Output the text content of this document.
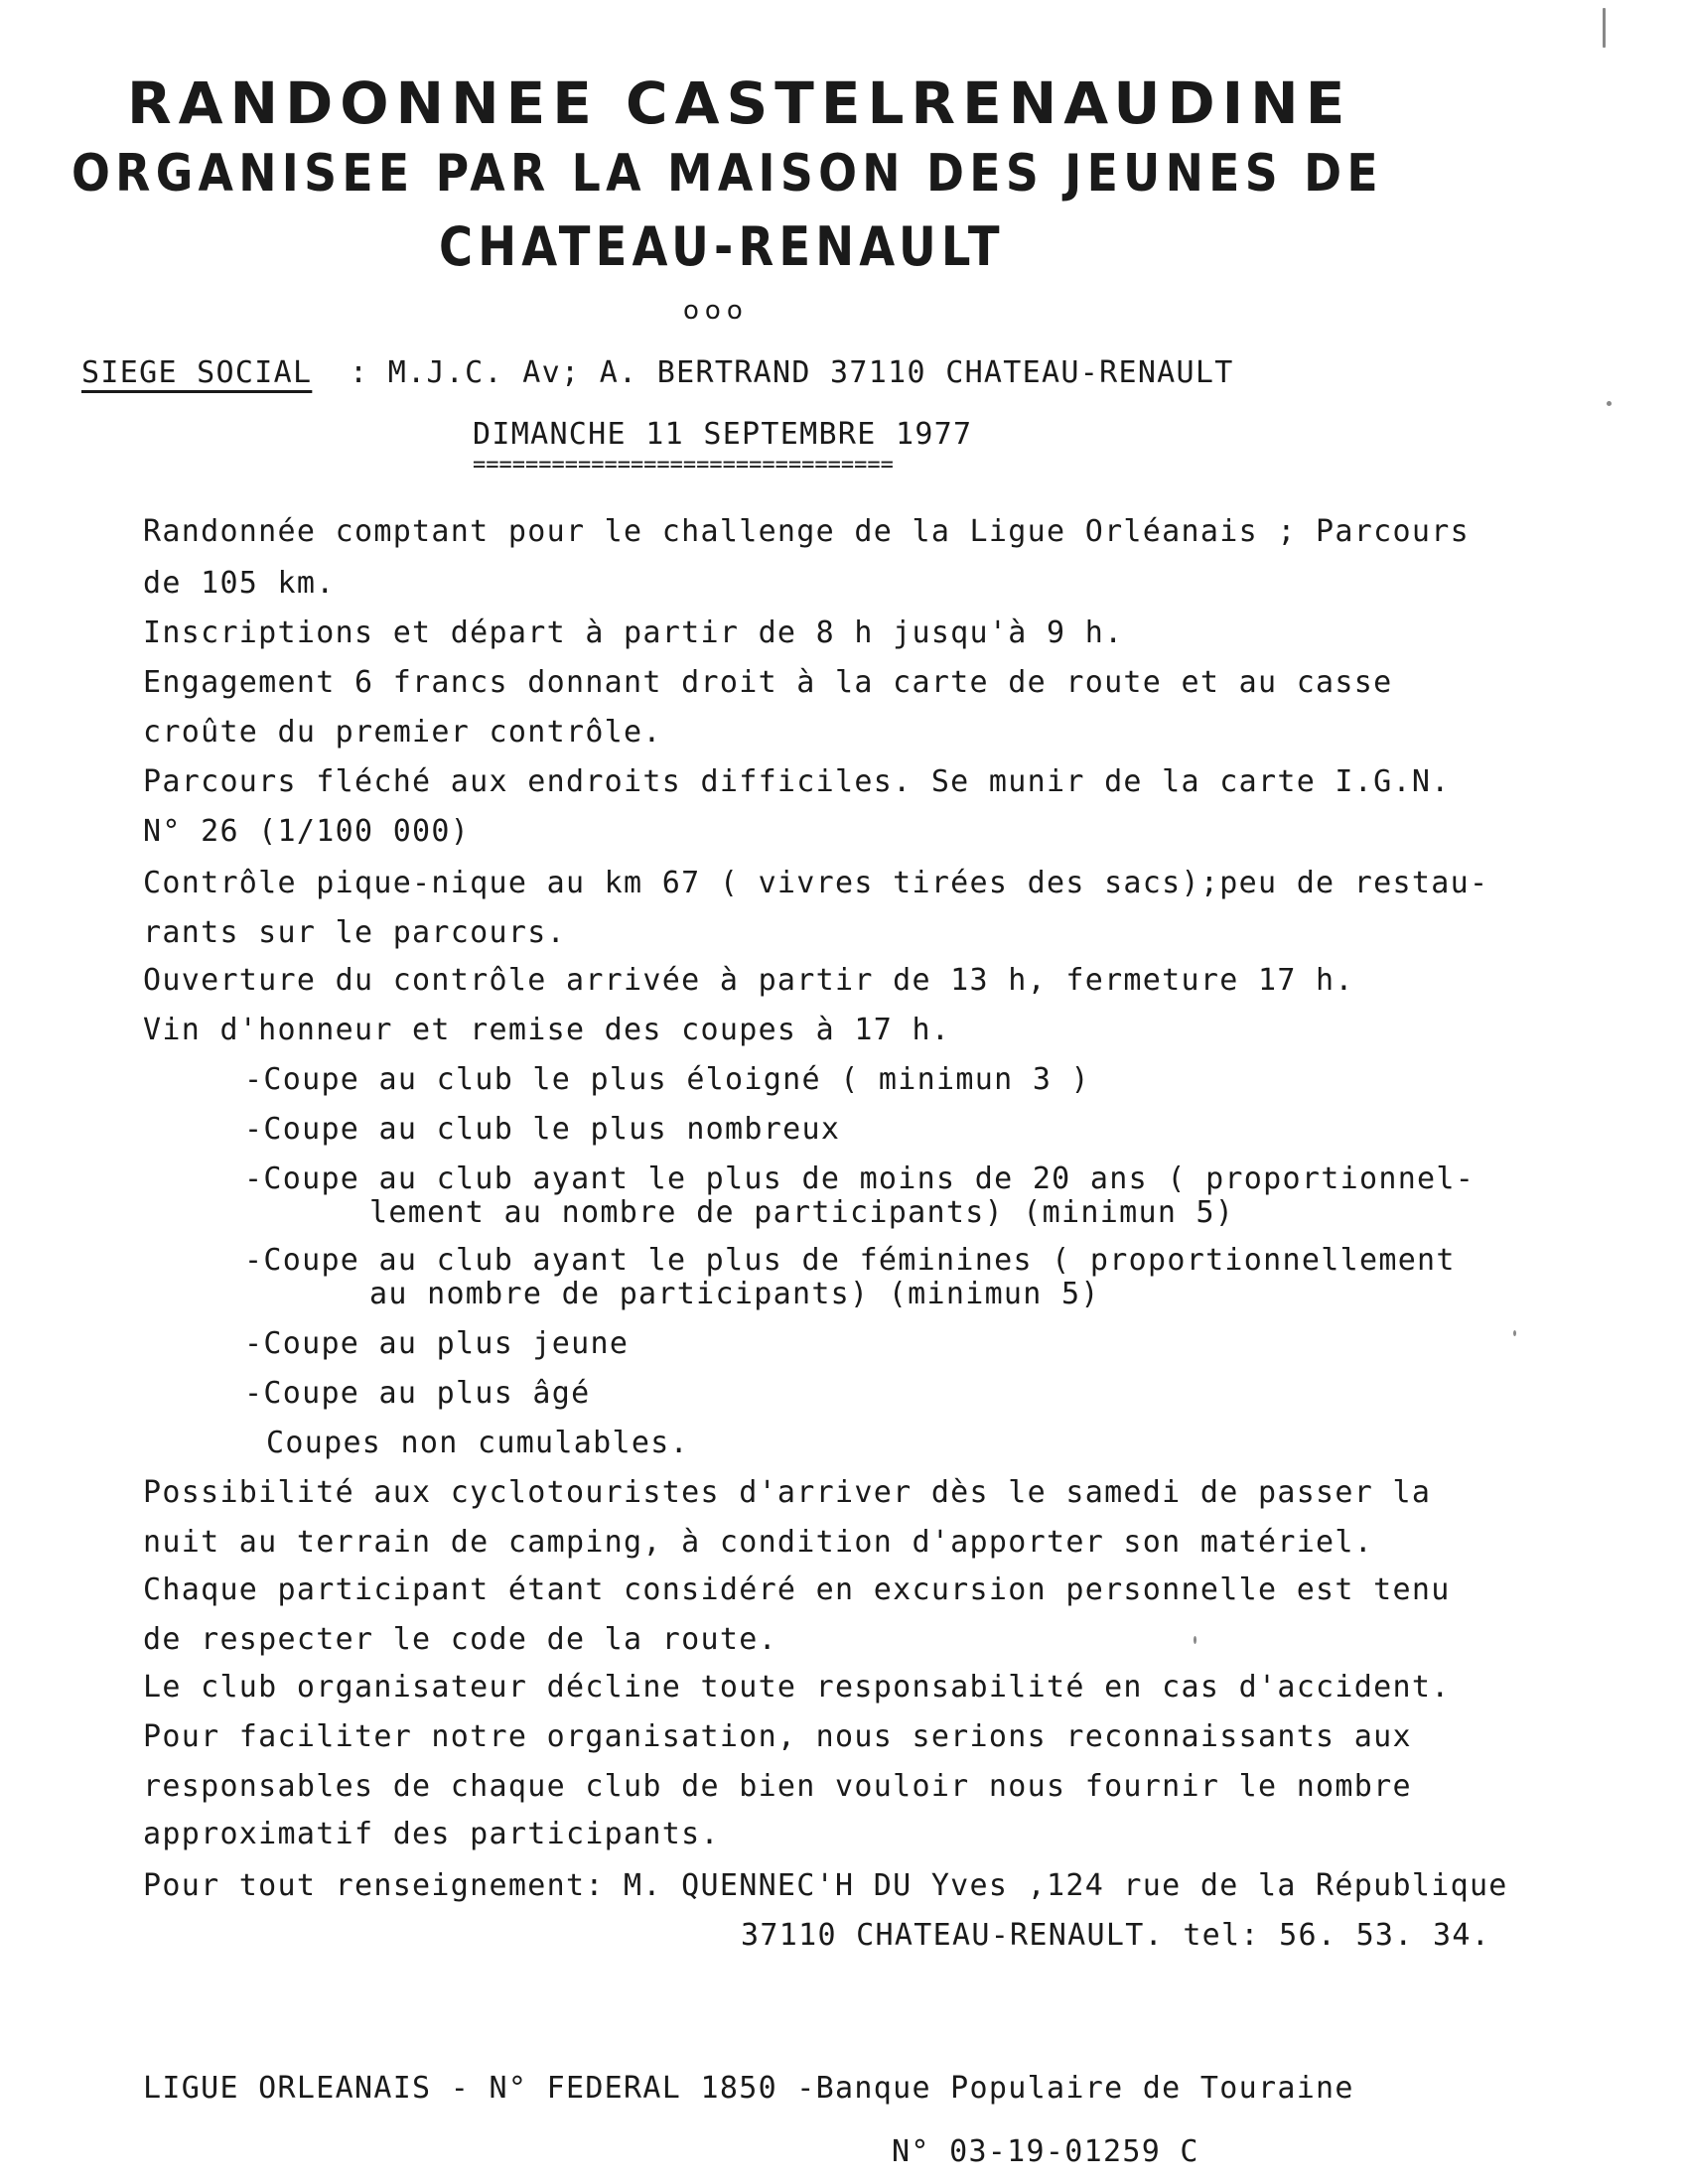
RANDONNEE CASTELRENAUDINE
ORGANISEE PAR LA MAISON DES JEUNES DE
CHATEAU-RENAULT
ooo
SIEGE SOCIAL : M.J.C. Av; A. BERTRAND 37110 CHATEAU-RENAULT
DIMANCHE 11 SEPTEMBRE 1977
================================
Randonnée comptant pour le challenge de la Ligue Orléanais ; Parcours
de 105 km.
Inscriptions et départ à partir de 8 h jusqu'à 9 h.
Engagement 6 francs donnant droit à la carte de route et au casse
croûte du premier contrôle.
Parcours fléché aux endroits difficiles. Se munir de la carte I.G.N.
N° 26 (1/100 000)
Contrôle pique-nique au km 67 ( vivres tirées des sacs);peu de restau-
rants sur le parcours.
Ouverture du contrôle arrivée à partir de 13 h, fermeture 17 h.
Vin d'honneur et remise des coupes à 17 h.
-Coupe au club le plus éloigné ( minimun 3 )
-Coupe au club le plus nombreux
-Coupe au club ayant le plus de moins de 20 ans ( proportionnel-
lement au nombre de participants) (minimun 5)
-Coupe au club ayant le plus de féminines ( proportionnellement
au nombre de participants) (minimun 5)
-Coupe au plus jeune
-Coupe au plus âgé
Coupes non cumulables.
Possibilité aux cyclotouristes d'arriver dès le samedi de passer la
nuit au terrain de camping, à condition d'apporter son matériel.
Chaque participant étant considéré en excursion personnelle est tenu
de respecter le code de la route.
Le club organisateur décline toute responsabilité en cas d'accident.
Pour faciliter notre organisation, nous serions reconnaissants aux
responsables de chaque club de bien vouloir nous fournir le nombre
approximatif des participants.
Pour tout renseignement: M. QUENNEC'H DU Yves ,124 rue de la République
37110 CHATEAU-RENAULT. tel: 56. 53. 34.
LIGUE ORLEANAIS - N° FEDERAL 1850 -Banque Populaire de Touraine
N° 03-19-01259 C
